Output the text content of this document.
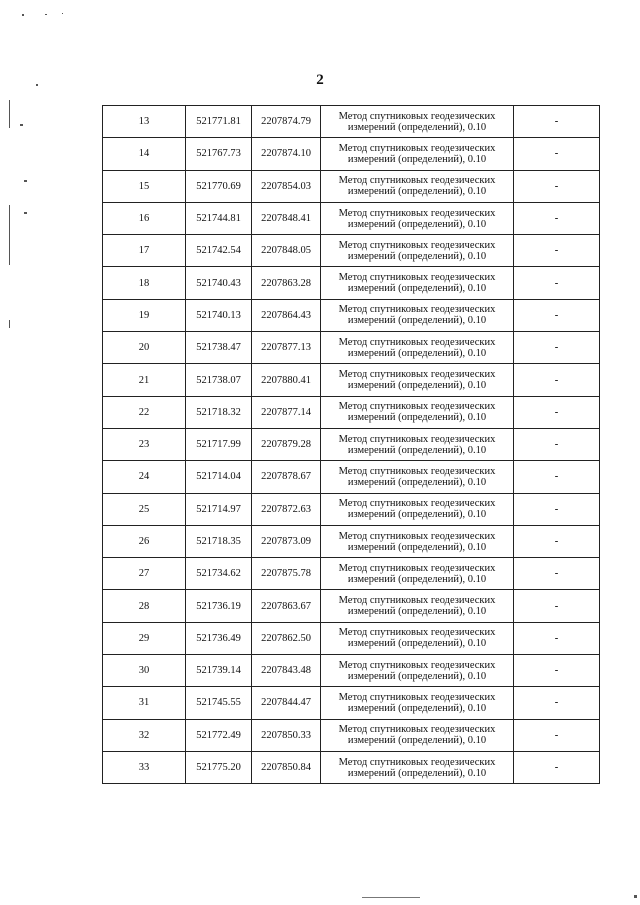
2
13	521771.81	2207874.79	Метод спутниковых геодезических
измерений (определений), 0.10	-
14	521767.73	2207874.10	Метод спутниковых геодезических
измерений (определений), 0.10	-
15	521770.69	2207854.03	Метод спутниковых геодезических
измерений (определений), 0.10	-
16	521744.81	2207848.41	Метод спутниковых геодезических
измерений (определений), 0.10	-
17	521742.54	2207848.05	Метод спутниковых геодезических
измерений (определений), 0.10	-
18	521740.43	2207863.28	Метод спутниковых геодезических
измерений (определений), 0.10	-
19	521740.13	2207864.43	Метод спутниковых геодезических
измерений (определений), 0.10	-
20	521738.47	2207877.13	Метод спутниковых геодезических
измерений (определений), 0.10	-
21	521738.07	2207880.41	Метод спутниковых геодезических
измерений (определений), 0.10	-
22	521718.32	2207877.14	Метод спутниковых геодезических
измерений (определений), 0.10	-
23	521717.99	2207879.28	Метод спутниковых геодезических
измерений (определений), 0.10	-
24	521714.04	2207878.67	Метод спутниковых геодезических
измерений (определений), 0.10	-
25	521714.97	2207872.63	Метод спутниковых геодезических
измерений (определений), 0.10	-
26	521718.35	2207873.09	Метод спутниковых геодезических
измерений (определений), 0.10	-
27	521734.62	2207875.78	Метод спутниковых геодезических
измерений (определений), 0.10	-
28	521736.19	2207863.67	Метод спутниковых геодезических
измерений (определений), 0.10	-
29	521736.49	2207862.50	Метод спутниковых геодезических
измерений (определений), 0.10	-
30	521739.14	2207843.48	Метод спутниковых геодезических
измерений (определений), 0.10	-
31	521745.55	2207844.47	Метод спутниковых геодезических
измерений (определений), 0.10	-
32	521772.49	2207850.33	Метод спутниковых геодезических
измерений (определений), 0.10	-
33	521775.20	2207850.84	Метод спутниковых геодезических
измерений (определений), 0.10	-
